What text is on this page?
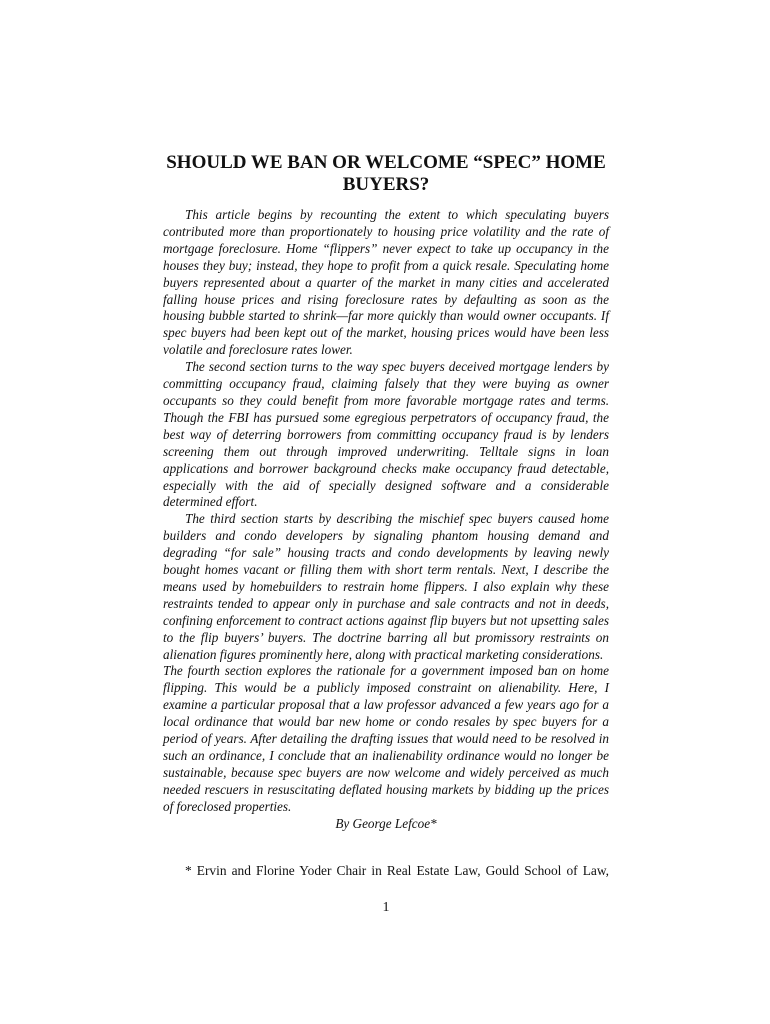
SHOULD WE BAN OR WELCOME “SPEC” HOME BUYERS?

This article begins by recounting the extent to which speculating buyers contributed more than proportionately to housing price volatility and the rate of mortgage foreclosure. Home “flippers” never expect to take up occupancy in the houses they buy; instead, they hope to profit from a quick resale. Speculating home buyers represented about a quarter of the market in many cities and accelerated falling house prices and rising foreclosure rates by defaulting as soon as the housing bubble started to shrink—far more quickly than would owner occupants. If spec buyers had been kept out of the market, housing prices would have been less volatile and foreclosure rates lower.

The second section turns to the way spec buyers deceived mortgage lenders by committing occupancy fraud, claiming falsely that they were buying as owner occupants so they could benefit from more favorable mortgage rates and terms. Though the FBI has pursued some egregious perpetrators of occupancy fraud, the best way of deterring borrowers from committing occupancy fraud is by lenders screening them out through improved underwriting. Telltale signs in loan applications and borrower background checks make occupancy fraud detectable, especially with the aid of specially designed software and a considerable determined effort.

The third section starts by describing the mischief spec buyers caused home builders and condo developers by signaling phantom housing demand and degrading “for sale” housing tracts and condo developments by leaving newly bought homes vacant or filling them with short term rentals. Next, I describe the means used by homebuilders to restrain home flippers. I also explain why these restraints tended to appear only in purchase and sale contracts and not in deeds, confining enforcement to contract actions against flip buyers but not upsetting sales to the flip buyers’ buyers. The doctrine barring all but promissory restraints on alienation figures prominently here, along with practical marketing considerations.

The fourth section explores the rationale for a government imposed ban on home flipping. This would be a publicly imposed constraint on alienability. Here, I examine a particular proposal that a law professor advanced a few years ago for a local ordinance that would bar new home or condo resales by spec buyers for a period of years. After detailing the drafting issues that would need to be resolved in such an ordinance, I conclude that an inalienability ordinance would no longer be sustainable, because spec buyers are now welcome and widely perceived as much needed rescuers in resuscitating deflated housing markets by bidding up the prices of foreclosed properties.

By George Lefcoe*

* Ervin and Florine Yoder Chair in Real Estate Law, Gould School of Law,

1
